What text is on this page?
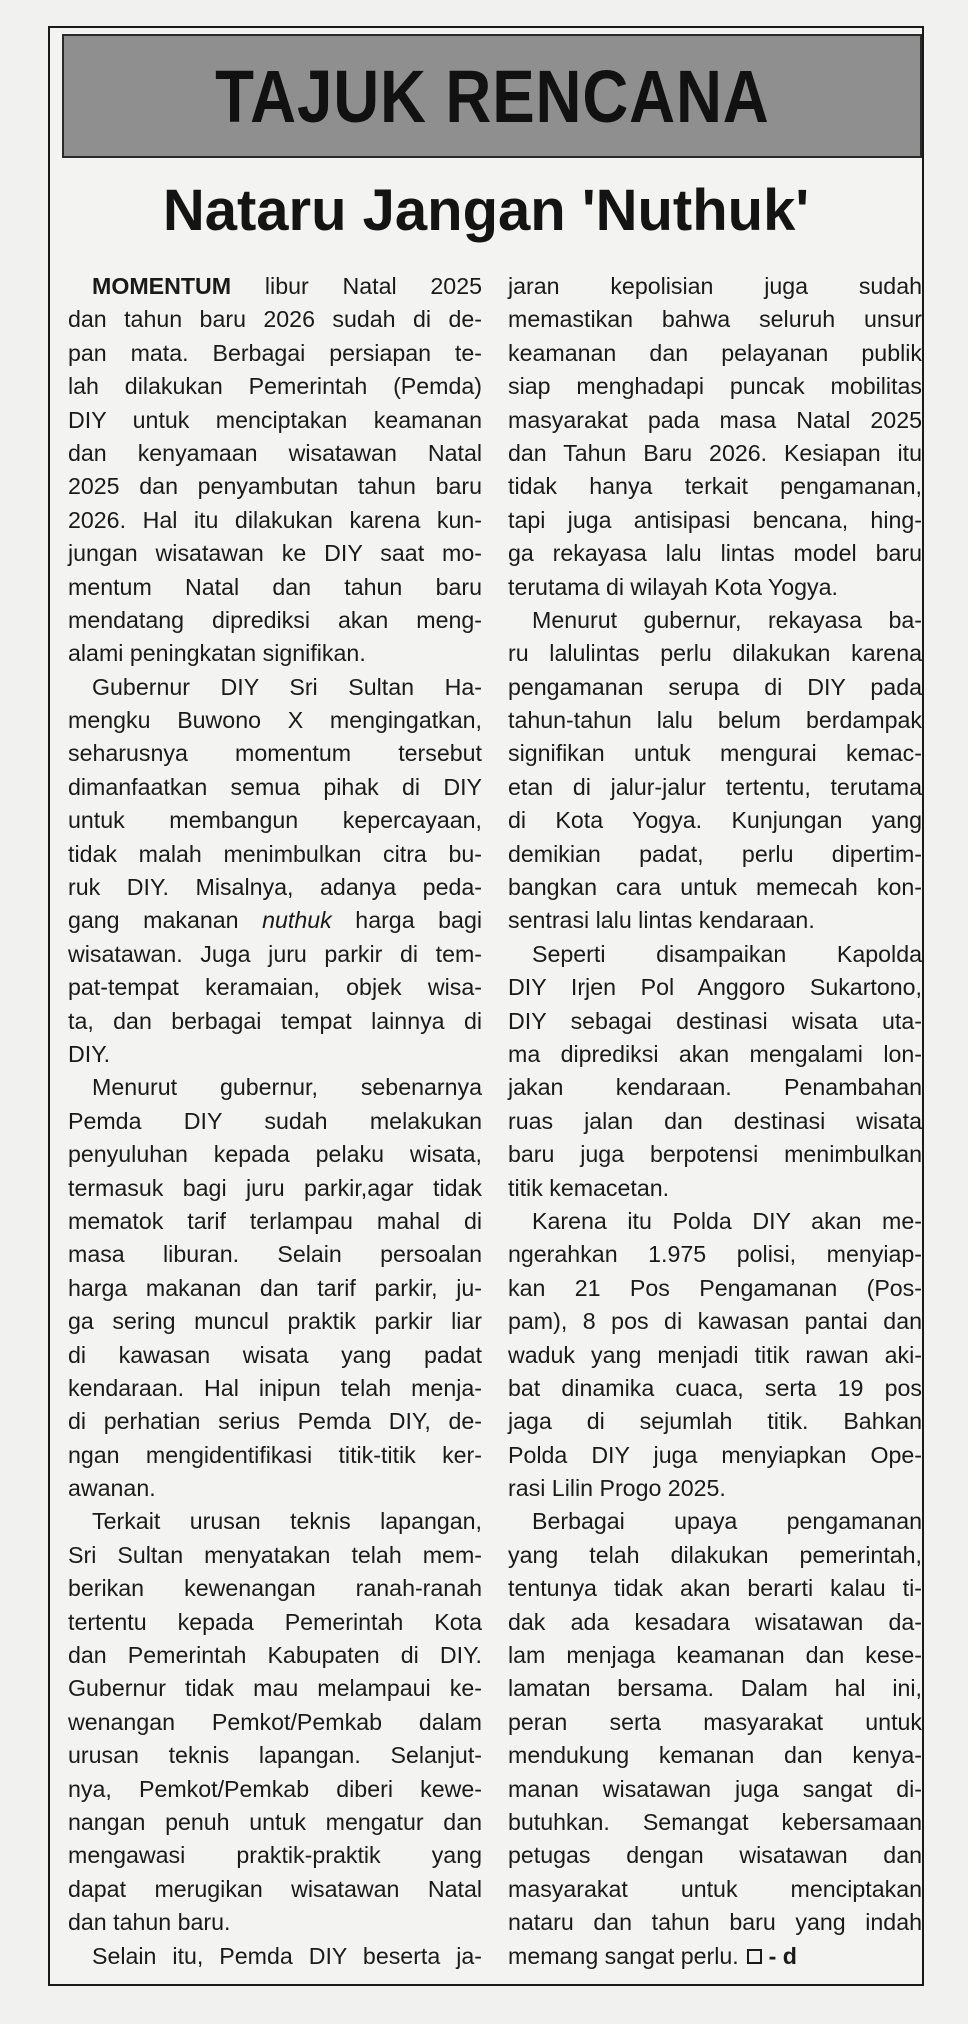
TAJUK RENCANA
Nataru Jangan 'Nuthuk'
MOMENTUM libur Natal 2025
dan tahun baru 2026 sudah di de-
pan mata. Berbagai persiapan te-
lah dilakukan Pemerintah (Pemda)
DIY untuk menciptakan keamanan
dan kenyamaan wisatawan Natal
2025 dan penyambutan tahun baru
2026. Hal itu dilakukan karena kun-
jungan wisatawan ke DIY saat mo-
mentum Natal dan tahun baru
mendatang diprediksi akan meng-
alami peningkatan signifikan.
Gubernur DIY Sri Sultan Ha-
mengku Buwono X mengingatkan,
seharusnya momentum tersebut
dimanfaatkan semua pihak di DIY
untuk membangun kepercayaan,
tidak malah menimbulkan citra bu-
ruk DIY. Misalnya, adanya peda-
gang makanan nuthuk harga bagi
wisatawan. Juga juru parkir di tem-
pat-tempat keramaian, objek wisa-
ta, dan berbagai tempat lainnya di
DIY.
Menurut gubernur, sebenarnya
Pemda DIY sudah melakukan
penyuluhan kepada pelaku wisata,
termasuk bagi juru parkir,agar tidak
mematok tarif terlampau mahal di
masa liburan. Selain persoalan
harga makanan dan tarif parkir, ju-
ga sering muncul praktik parkir liar
di kawasan wisata yang padat
kendaraan. Hal inipun telah menja-
di perhatian serius Pemda DIY, de-
ngan mengidentifikasi titik-titik ker-
awanan.
Terkait urusan teknis lapangan,
Sri Sultan menyatakan telah mem-
berikan kewenangan ranah-ranah
tertentu kepada Pemerintah Kota
dan Pemerintah Kabupaten di DIY.
Gubernur tidak mau melampaui ke-
wenangan Pemkot/Pemkab dalam
urusan teknis lapangan. Selanjut-
nya, Pemkot/Pemkab diberi kewe-
nangan penuh untuk mengatur dan
mengawasi praktik-praktik yang
dapat merugikan wisatawan Natal
dan tahun baru.
Selain itu, Pemda DIY beserta ja-
jaran kepolisian juga sudah
memastikan bahwa seluruh unsur
keamanan dan pelayanan publik
siap menghadapi puncak mobilitas
masyarakat pada masa Natal 2025
dan Tahun Baru 2026. Kesiapan itu
tidak hanya terkait pengamanan,
tapi juga antisipasi bencana, hing-
ga rekayasa lalu lintas model baru
terutama di wilayah Kota Yogya.
Menurut gubernur, rekayasa ba-
ru lalulintas perlu dilakukan karena
pengamanan serupa di DIY pada
tahun-tahun lalu belum berdampak
signifikan untuk mengurai kemac-
etan di jalur-jalur tertentu, terutama
di Kota Yogya. Kunjungan yang
demikian padat, perlu dipertim-
bangkan cara untuk memecah kon-
sentrasi lalu lintas kendaraan.
Seperti disampaikan Kapolda
DIY Irjen Pol Anggoro Sukartono,
DIY sebagai destinasi wisata uta-
ma diprediksi akan mengalami lon-
jakan kendaraan. Penambahan
ruas jalan dan destinasi wisata
baru juga berpotensi menimbulkan
titik kemacetan.
Karena itu Polda DIY akan me-
ngerahkan 1.975 polisi, menyiap-
kan 21 Pos Pengamanan (Pos-
pam), 8 pos di kawasan pantai dan
waduk yang menjadi titik rawan aki-
bat dinamika cuaca, serta 19 pos
jaga di sejumlah titik. Bahkan
Polda DIY juga menyiapkan Ope-
rasi Lilin Progo 2025.
Berbagai upaya pengamanan
yang telah dilakukan pemerintah,
tentunya tidak akan berarti kalau ti-
dak ada kesadara wisatawan da-
lam menjaga keamanan dan kese-
lamatan bersama. Dalam hal ini,
peran serta masyarakat untuk
mendukung kemanan dan kenya-
manan wisatawan juga sangat di-
butuhkan. Semangat kebersamaan
petugas dengan wisatawan dan
masyarakat untuk menciptakan
nataru dan tahun baru yang indah
memang sangat perlu. - d
